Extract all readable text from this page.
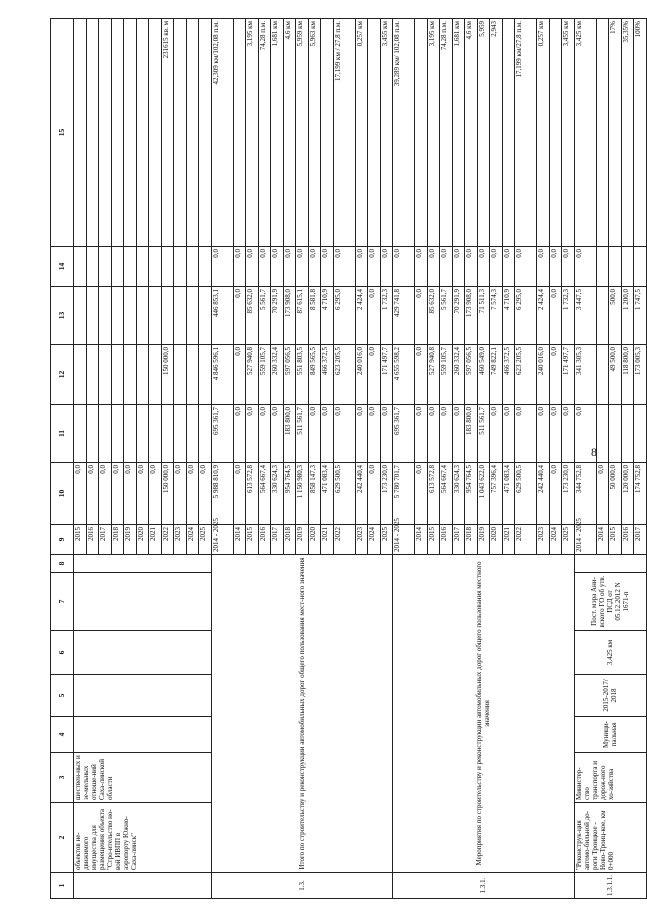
8
1	2	3	4	5	6	7	8	9	10	11	12	13	14	15
	объектов не-движимого имущества для размещения объекта "Стро-ительство но-вой ИВПП в аэропорту Южно-Саха-линск"	шествен-ных и зе-мельных отноше-ний Саха-линской области						2015	0,0					
								2016	0,0					
								2017	0,0					
								2018	0,0					
								2019	0,0					
								2020	0,0					
								2021	0,0					
								2022	150 000,0		150 000,0			231615 кв. м
								2023	0,0					
								2024	0,0					
								2025	0,0					
1.3.	Итого по строительству и реконструкции автомобильных дорог общего пользования мест-ного значения							2014 - 2025	5 988 810,9	695 361,7	4 846 596,1	446 853,1	0,0	42,309 км/102,08 п.м.
								2014	0,0	0,0	0,0	0,0	0,0	
								2015	613 572,8	0,0	527 940,8	85 632,0	0,0	3,195 км
								2016	564 667,4	0,0	559 105,7	5 561,7	0,0	74,28 п.м.
								2017	330 624,3	0,0	260 332,4	70 291,9	0,0	1,681 км
								2018	954 764,5	183 800,0	597 056,5	173 908,0	0,0	4,6 км
								2019	1 150 980,3	511 561,7	551 803,5	87 615,1	0,0	5,959 км
								2020	858 147,3	0,0	849 565,5	8 581,8	0,0	5,963 км
								2021	471 083,4	0,0	466 372,5	4 710,9	0,0	
								2022	629 500,5	0,0	623 205,5	6 295,0	0,0	17,199 км / 27,8 п.м.
								2023	242 440,4	0,0	240 016,0	2 424,4	0,0	0,257 км
								2024	0,0	0,0	0,0	0,0	0,0	
								2025	173 230,0	0,0	171 497,7	1 732,3	0,0	3,455 км
1.3.1.	Мероприятия по строительству и реконструкции автомобильных дорог общего пользования местного значения							2014 - 2025	5 780 701,7	695 361,7	4 655 598,2	429 741,8	0,0	39,289 км/ 102,08 п.м.
								2014	0,0	0,0	0,0	0,0	0,0	
								2015	613 572,8	0,0	527 940,8	85 632,0	0,0	3,195 км
								2016	564 667,4	0,0	559 105,7	5 561,7	0,0	74,28 п.м.
								2017	330 624,3	0,0	260 332,4	70 291,9	0,0	1,681 км
								2018	954 764,5	183 800,0	597 056,5	173 908,0	0,0	4,6 км
								2019	1 043 622,0	511 561,7	460 549,0	71 511,3	0,0	5,959
								2020	757 396,4	0,0	749 822,1	7 574,3	0,0	2,943
								2021	471 083,4	0,0	466 372,5	4 710,9	0,0	
								2022	629 500,5	0,0	623 205,5	6 295,0	0,0	17,199 км/27,8 п.м.
								2023	242 440,4	0,0	240 016,0	2 424,4	0,0	0,257 км
								2024	0,0	0,0	0,0	0,0	0,0	
								2025	173 230,0	0,0	171 497,7	1 732,3	0,0	3,455 км
1.3.1.1.	"Реконструк-ция автомо-бильной до-роги Троицкое - Ново-Троиц-кое, км 0+000	Министер-ство транспорта и дорож-ного хо-зяйства	Муници-пальная	2015-2017/ 2018	3,425 км	Пост. мэра Ани-вского ГО об утв. ПСД от 05.12.2012 N 1671-п		2014 - 2025	344 752,8	0,0	341 305,3	3 447,5	0,0	3,425 км
								2014	0,0					
								2015	50 000,0		49 500,0	500,0		17%
								2016	120 000,0		118 800,0	1 200,0		35,35%
								2017	174 752,8		173 005,3	1 747,5		100%
